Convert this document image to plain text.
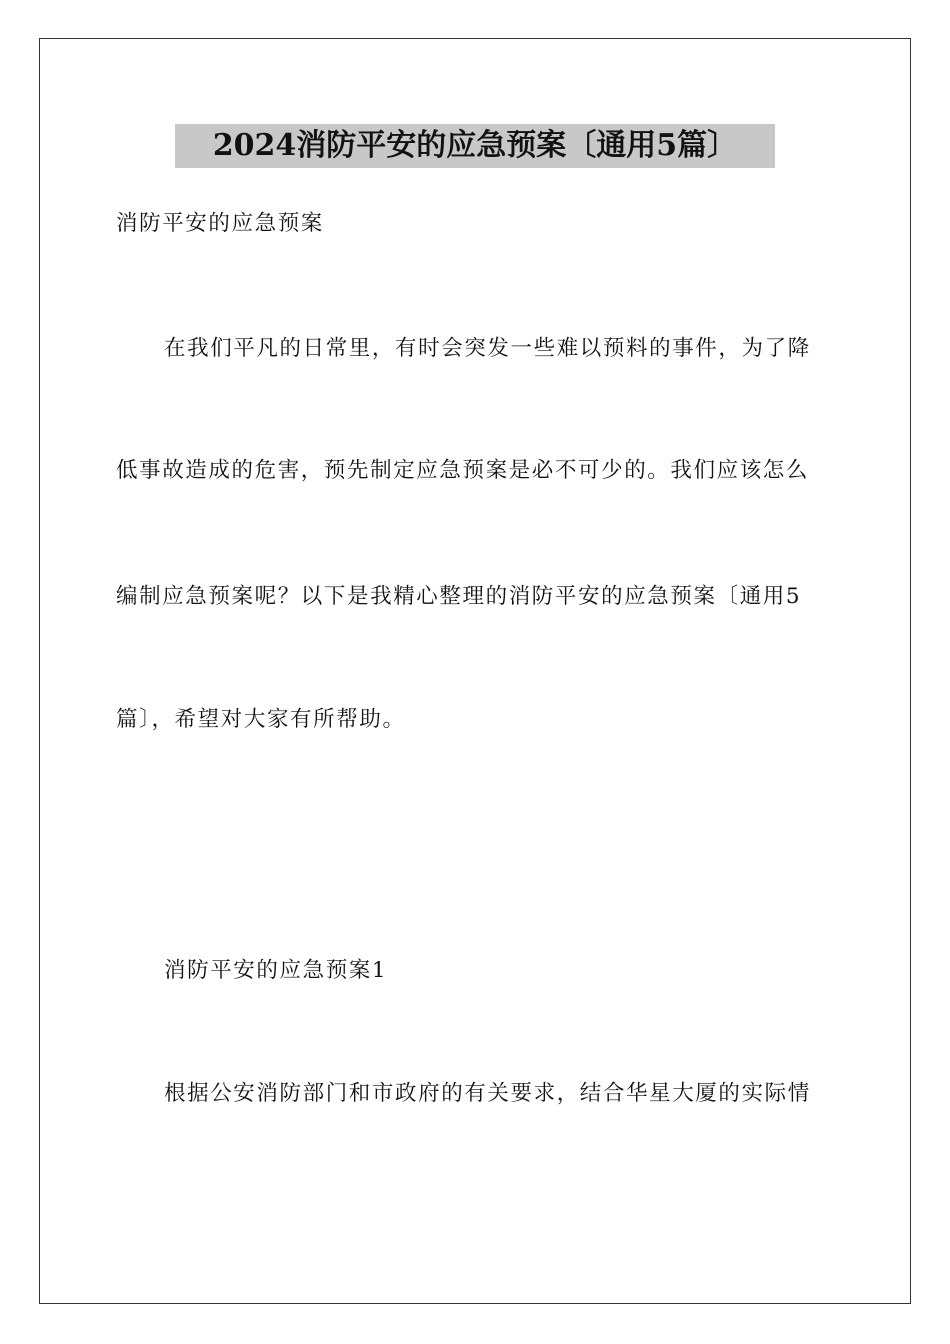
2024消防平安的应急预案〔通用5篇〕
消防平安的应急预案
在我们平凡的日常里，有时会突发一些难以预料的事件，为了降
低事故造成的危害，预先制定应急预案是必不可少的。我们应该怎么
编制应急预案呢？以下是我精心整理的消防平安的应急预案〔通用5
篇〕，希望对大家有所帮助。
消防平安的应急预案1
根据公安消防部门和市政府的有关要求，结合华星大厦的实际情
